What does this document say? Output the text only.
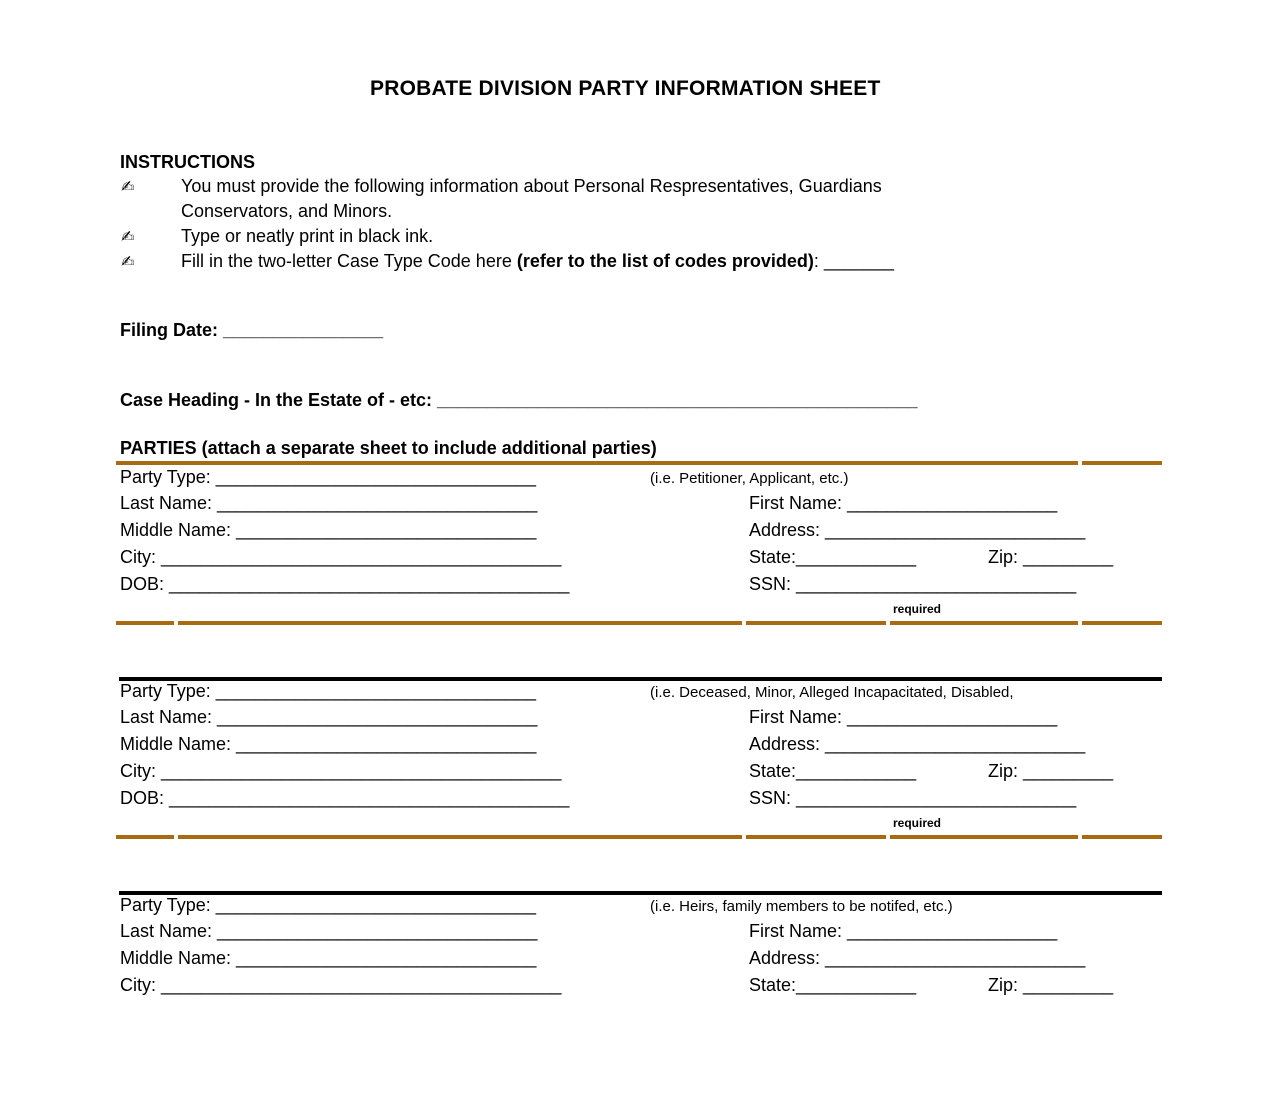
PROBATE DIVISION PARTY INFORMATION SHEET
INSTRUCTIONS
✍	You must provide the following information about Personal Respresentatives, Guardians
Conservators, and Minors.
✍	Type or neatly print in black ink.
✍	Fill in the two-letter Case Type Code here (refer to the list of codes provided): _______
Filing Date: ________________
Case Heading - In the Estate of - etc: ________________________________________________
PARTIES (attach a separate sheet to include additional parties)
Party Type: ________________________________	(i.e. Petitioner, Applicant, etc.)
Last Name: ________________________________	First Name: _____________________
Middle Name: ______________________________	Address: __________________________
City: ________________________________________	State:____________	Zip: _________
DOB: ________________________________________	SSN: ____________________________
required
Party Type: ________________________________	(i.e. Deceased, Minor, Alleged Incapacitated, Disabled,
Last Name: ________________________________	First Name: _____________________
Middle Name: ______________________________	Address: __________________________
City: ________________________________________	State:____________	Zip: _________
DOB: ________________________________________	SSN: ____________________________
required
Party Type: ________________________________	(i.e. Heirs, family members to be notifed, etc.)
Last Name: ________________________________	First Name: _____________________
Middle Name: ______________________________	Address: __________________________
City: ________________________________________	State:____________	Zip: _________
